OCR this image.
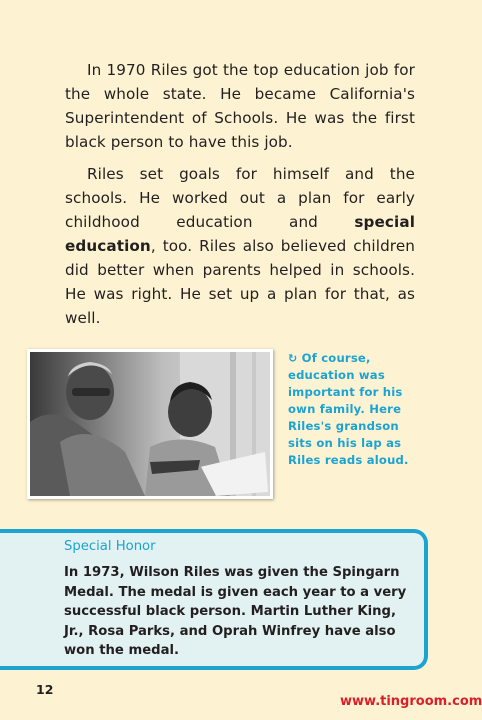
In 1970 Riles got the top education job for the whole state. He became California's Superintendent of Schools. He was the first black person to have this job.

Riles set goals for himself and the schools. He worked out a plan for early childhood education and special education, too. Riles also believed children did better when parents helped in schools. He was right. He set up a plan for that, as well.

↻ Of course, education was important for his own family. Here Riles's grandson sits on his lap as Riles reads aloud.

Special Honor

In 1973, Wilson Riles was given the Spingarn Medal. The medal is given each year to a very successful black person. Martin Luther King, Jr., Rosa Parks, and Oprah Winfrey have also won the medal.

12
www.tingroom.com
